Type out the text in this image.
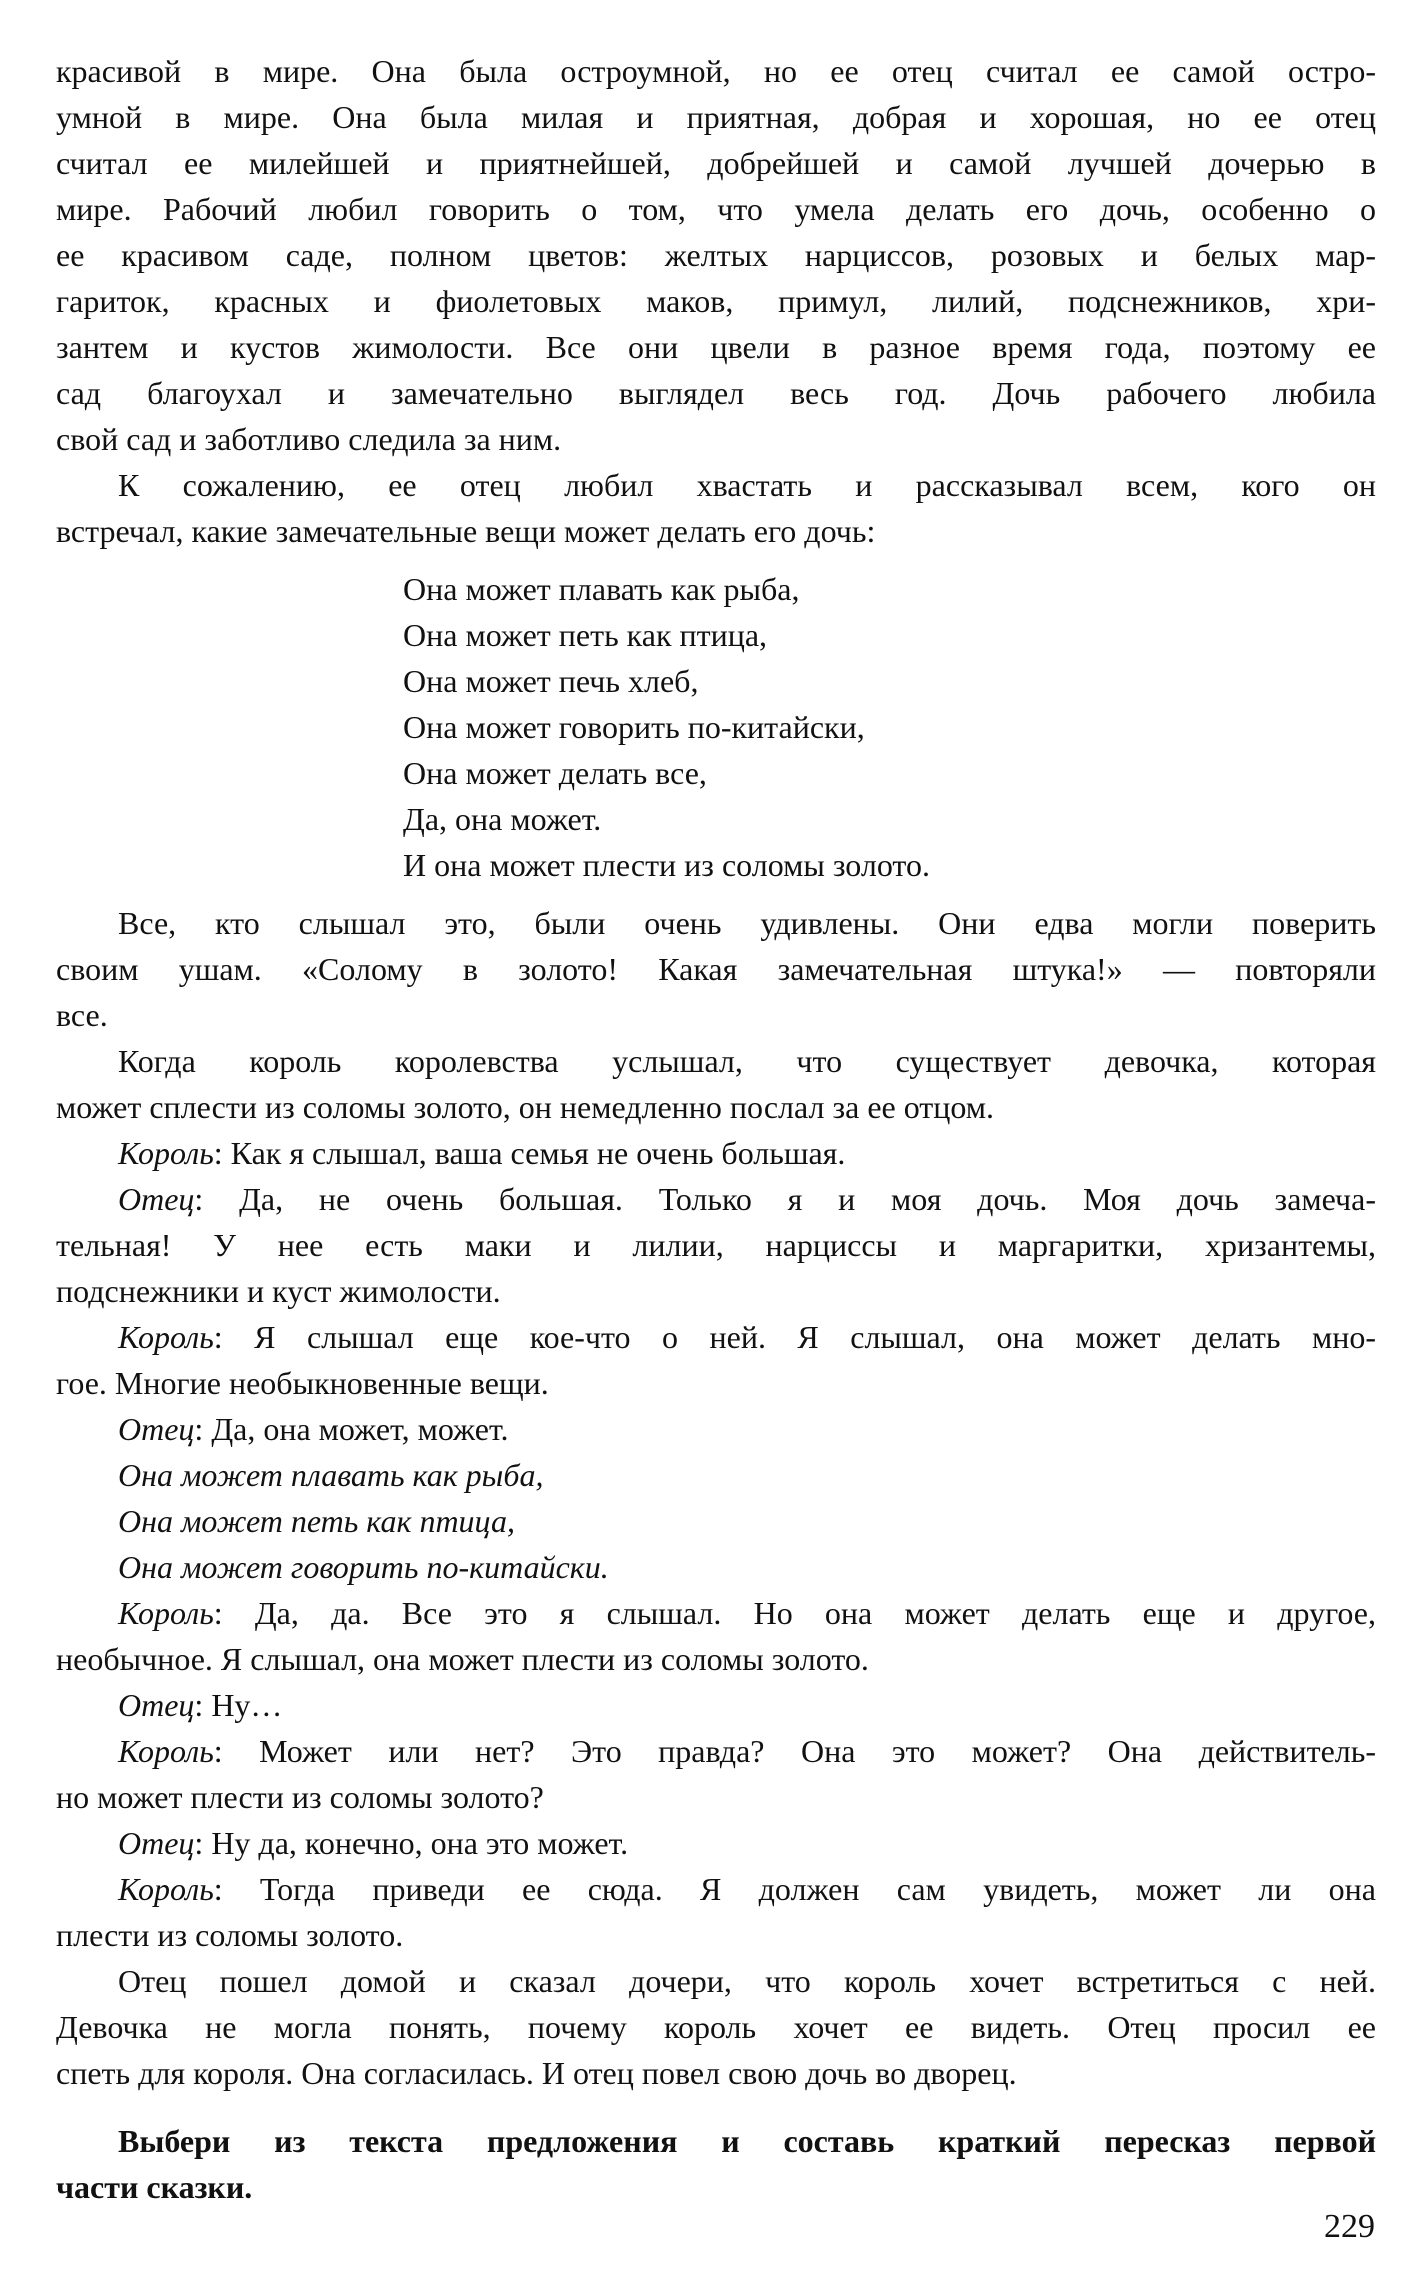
красивой в мире. Она была остроумной, но ее отец считал ее самой остро-
умной в мире. Она была милая и приятная, добрая и хорошая, но ее отец
считал ее милейшей и приятнейшей, добрейшей и самой лучшей дочерью в
мире. Рабочий любил говорить о том, что умела делать его дочь, особенно о
ее красивом саде, полном цветов: желтых нарциссов, розовых и белых мар-
гариток, красных и фиолетовых маков, примул, лилий, подснежников, хри-
зантем и кустов жимолости. Все они цвели в разное время года, поэтому ее
сад благоухал и замечательно выглядел весь год. Дочь рабочего любила
свой сад и заботливо следила за ним.
К сожалению, ее отец любил хвастать и рассказывал всем, кого он
встречал, какие замечательные вещи может делать его дочь:
Она может плавать как рыба,
Она может петь как птица,
Она может печь хлеб,
Она может говорить по-китайски,
Она может делать все,
Да, она может.
И она может плести из соломы золото.
Все, кто слышал это, были очень удивлены. Они едва могли поверить
своим ушам. «Солому в золото! Какая замечательная штука!» — повторяли
все.
Когда король королевства услышал, что существует девочка, которая
может сплести из соломы золото, он немедленно послал за ее отцом.
Король: Как я слышал, ваша семья не очень большая.
Отец: Да, не очень большая. Только я и моя дочь. Моя дочь замеча-
тельная! У нее есть маки и лилии, нарциссы и маргаритки, хризантемы,
подснежники и куст жимолости.
Король: Я слышал еще кое-что о ней. Я слышал, она может делать мно-
гое. Многие необыкновенные вещи.
Отец: Да, она может, может.
Она может плавать как рыба,
Она может петь как птица,
Она может говорить по-китайски.
Король: Да, да. Все это я слышал. Но она может делать еще и другое,
необычное. Я слышал, она может плести из соломы золото.
Отец: Ну…
Король: Может или нет? Это правда? Она это может? Она действитель-
но может плести из соломы золото?
Отец: Ну да, конечно, она это может.
Король: Тогда приведи ее сюда. Я должен сам увидеть, может ли она
плести из соломы золото.
Отец пошел домой и сказал дочери, что король хочет встретиться с ней.
Девочка не могла понять, почему король хочет ее видеть. Отец просил ее
спеть для короля. Она согласилась. И отец повел свою дочь во дворец.
Выбери из текста предложения и составь краткий пересказ первой
части сказки.
229
